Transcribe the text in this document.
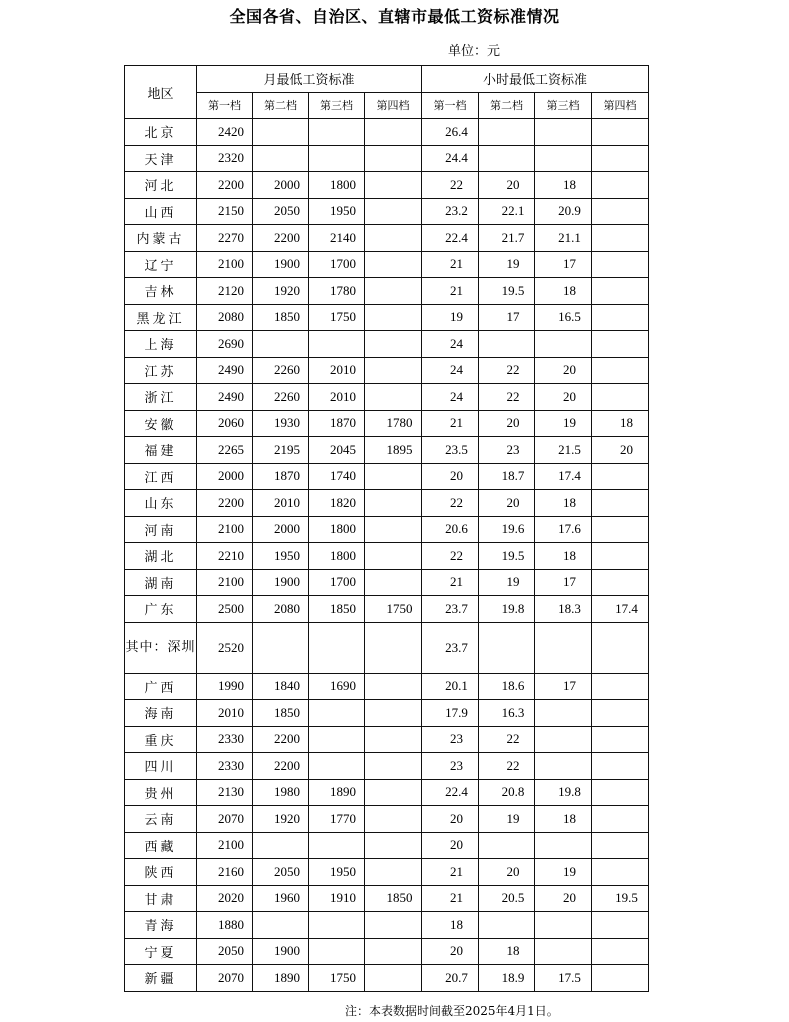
全国各省、自治区、直辖市最低工资标准情况
单位：元
地区	月最低工资标准				小时最低工资标准			
	第一档	第二档	第三档	第四档	第一档	第二档	第三档	第四档
北京	2420				26.4			
天津	2320				24.4			
河北	2200	2000	1800		22	20	18	
山西	2150	2050	1950		23.2	22.1	20.9	
内蒙古	2270	2200	2140		22.4	21.7	21.1	
辽宁	2100	1900	1700		21	19	17	
吉林	2120	1920	1780		21	19.5	18	
黑龙江	2080	1850	1750		19	17	16.5	
上海	2690				24			
江苏	2490	2260	2010		24	22	20	
浙江	2490	2260	2010		24	22	20	
安徽	2060	1930	1870	1780	21	20	19	18
福建	2265	2195	2045	1895	23.5	23	21.5	20
江西	2000	1870	1740		20	18.7	17.4	
山东	2200	2010	1820		22	20	18	
河南	2100	2000	1800		20.6	19.6	17.6	
湖北	2210	1950	1800		22	19.5	18	
湖南	2100	1900	1700		21	19	17	
广东	2500	2080	1850	1750	23.7	19.8	18.3	17.4
其中：深圳	2520				23.7			
广西	1990	1840	1690		20.1	18.6	17	
海南	2010	1850			17.9	16.3		
重庆	2330	2200			23	22		
四川	2330	2200			23	22		
贵州	2130	1980	1890		22.4	20.8	19.8	
云南	2070	1920	1770		20	19	18	
西藏	2100				20			
陕西	2160	2050	1950		21	20	19	
甘肃	2020	1960	1910	1850	21	20.5	20	19.5
青海	1880				18			
宁夏	2050	1900			20	18		
新疆	2070	1890	1750		20.7	18.9	17.5	
注：本表数据时间截至2025年4月1日。
